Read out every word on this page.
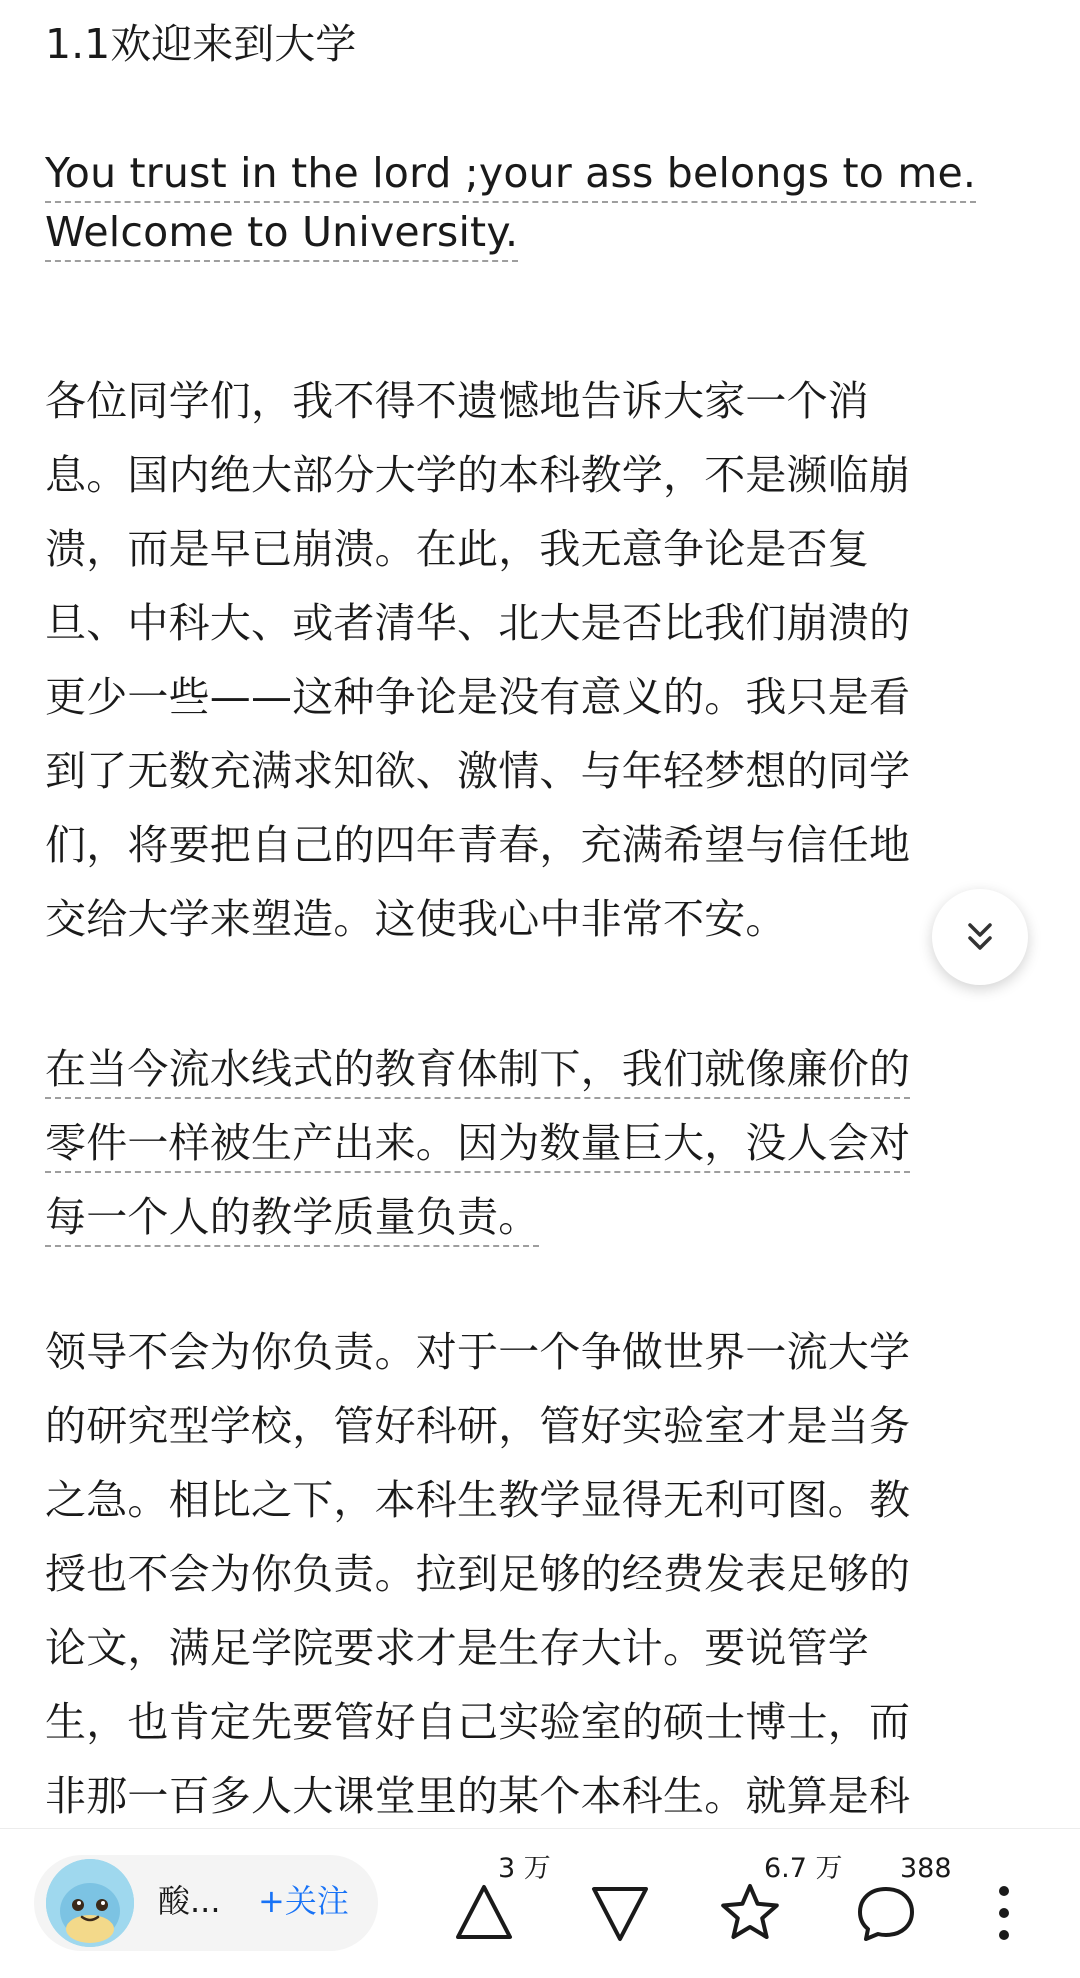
1.1欢迎来到大学
You trust in the lord ;your ass belongs to me.
Welcome to University.
各位同学们，我不得不遗憾地告诉大家一个消
息。国内绝大部分大学的本科教学，不是濒临崩
溃，而是早已崩溃。在此，我无意争论是否复
旦、中科大、或者清华、北大是否比我们崩溃的
更少一些——这种争论是没有意义的。我只是看
到了无数充满求知欲、激情、与年轻梦想的同学
们，将要把自己的四年青春，充满希望与信任地
交给大学来塑造。这使我心中非常不安。
在当今流水线式的教育体制下，我们就像廉价的
零件一样被生产出来。因为数量巨大，没人会对
每一个人的教学质量负责。
领导不会为你负责。对于一个争做世界一流大学
的研究型学校，管好科研，管好实验室才是当务
之急。相比之下，本科生教学显得无利可图。教
授也不会为你负责。拉到足够的经费发表足够的
论文，满足学院要求才是生存大计。要说管学
生，也肯定先要管好自己实验室的硕士博士，而
非那一百多人大课堂里的某个本科生。就算是科
酸... +关注
3 万	6.7 万 388
